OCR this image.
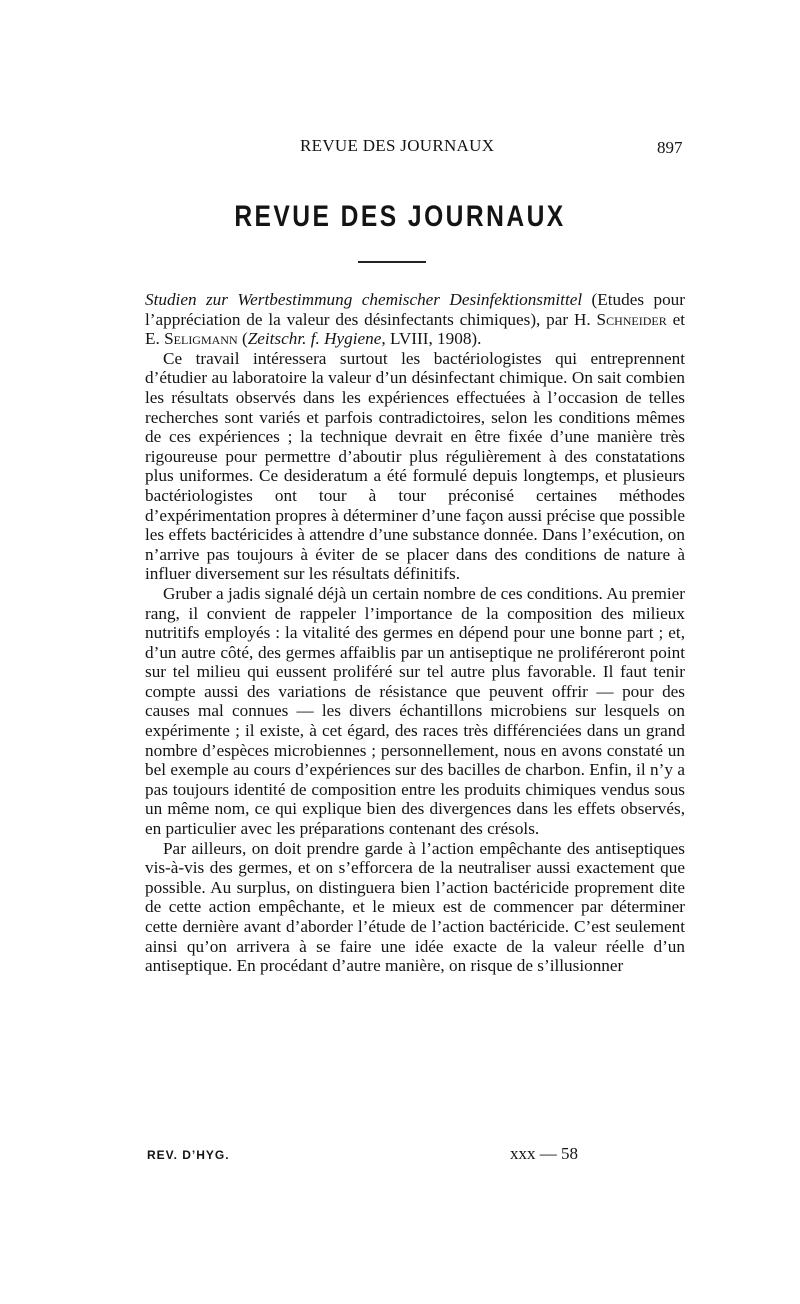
REVUE DES JOURNAUX	897
REVUE DES JOURNAUX

Studien zur Wertbestimmung chemischer Desinfektionsmittel (Etudes pour l’appréciation de la valeur des désinfectants chimiques), par H. Schneider et E. Seligmann (Zeitschr. f. Hygiene, LVIII, 1908).

Ce travail intéressera surtout les bactériologistes qui entreprennent d’étudier au laboratoire la valeur d’un désinfectant chimique. On sait combien les résultats observés dans les expériences effectuées à l’occasion de telles recherches sont variés et parfois contradictoires, selon les conditions mêmes de ces expériences ; la technique devrait en être fixée d’une manière très rigoureuse pour permettre d’aboutir plus régulièrement à des constatations plus uniformes. Ce desideratum a été formulé depuis longtemps, et plusieurs bactériologistes ont tour à tour préconisé certaines méthodes d’expérimentation propres à déterminer d’une façon aussi précise que possible les effets bactéricides à attendre d’une substance donnée. Dans l’exécution, on n’arrive pas toujours à éviter de se placer dans des conditions de nature à influer diversement sur les résultats définitifs.

Gruber a jadis signalé déjà un certain nombre de ces conditions. Au premier rang, il convient de rappeler l’importance de la composition des milieux nutritifs employés : la vitalité des germes en dépend pour une bonne part ; et, d’un autre côté, des germes affaiblis par un antiseptique ne proliféreront point sur tel milieu qui eussent proliféré sur tel autre plus favorable. Il faut tenir compte aussi des variations de résistance que peuvent offrir — pour des causes mal connues — les divers échantillons microbiens sur lesquels on expérimente ; il existe, à cet égard, des races très différenciées dans un grand nombre d’espèces microbiennes ; personnellement, nous en avons constaté un bel exemple au cours d’expériences sur des bacilles de charbon. Enfin, il n’y a pas toujours identité de composition entre les produits chimiques vendus sous un même nom, ce qui explique bien des divergences dans les effets observés, en particulier avec les préparations contenant des crésols.

Par ailleurs, on doit prendre garde à l’action empêchante des antiseptiques vis-à-vis des germes, et on s’efforcera de la neutraliser aussi exactement que possible. Au surplus, on distinguera bien l’action bactéricide proprement dite de cette action empêchante, et le mieux est de commencer par déterminer cette dernière avant d’aborder l’étude de l’action bactéricide. C’est seulement ainsi qu’on arrivera à se faire une idée exacte de la valeur réelle d’un antiseptique. En procédant d’autre manière, on risque de s’illusionner

REV. D’HYG.	xxx — 58
